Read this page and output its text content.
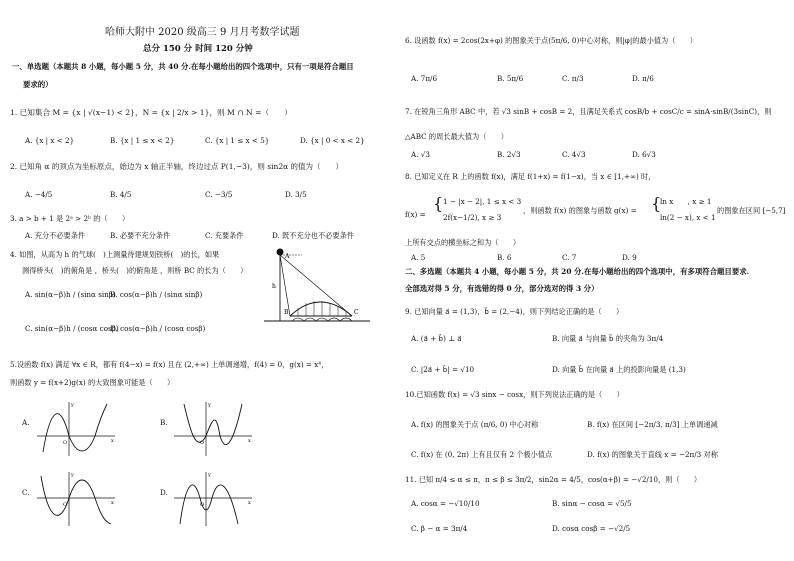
哈师大附中 2020 级高三 9 月月考数学试题
总分 150 分 时间 120 分钟
一、单选题（本题共 8 小题，每小题 5 分，共 40 分.在每小题给出的四个选项中，只有一项是符合题目
要求的）
1. 已知集合 M = {x | √(x−1) < 2}，N = {x | 2/x > 1}，则 M ∩ N =（　　）
A. {x | x < 2}	B. {x | 1 ≤ x < 2}	C. {x | 1 ≤ x < 5}	D. {x | 0 < x < 2}
2. 已知角 α 的顶点为坐标原点，始边为 x 轴正半轴，终边过点 P(1,−3)，则 sin2α 的值为（　　）
A. −4/5	B. 4/5	C. −3/5	D. 3/5
3. a > b + 1 是 2ᵃ > 2ᵇ 的（　　）
A. 充分不必要条件	B. 必要不充分条件	C. 充要条件	D. 既不充分也不必要条件
4. 如图，从高为 h 的气球(　)上测量待建规划铁桥(　)的长，如果
测得桥头(　)的俯角是 ，桥头(　)的俯角是 ，则桥 BC 的长为（　　）
A. sin(α−β)h / (sinα sinβ)
B. cos(α−β)h / (sinα sinβ)
C. sin(α−β)h / (cosα cosβ)
D. cos(α−β)h / (cosα cosβ)
A
h
C
B
5.设函数 f(x) 满足 ∀x ∈ R，都有 f(4−x) = f(x) 且在 (2,+∞) 上单调递增，f(4) = 0，g(x) = x⁴，
则函数 y = f(x+2)g(x) 的大致图象可能是（　　）
A.	B.
C.	D.
O
y
x	O
y
x
O
y
x	O
y
x
6. 设函数 f(x) = 2cos(2x+φ) 的图象关于点(5π/6, 0)中心对称，则|φ|的最小值为（　　）
A. 7π/6	B. 5π/6	C. π/3	D. π/6
7. 在锐角三角形 ABC 中，若 √3 sinB + cosB = 2，且满足关系式 cosB/b + cosC/c = sinA·sinB/(3sinC)，则
△ABC 的周长最大值为（　　）
A. √3	B. 2√3	C. 4√3	D. 6√3
8. 已知定义在 R 上的函数 f(x)，满足 f(1+x) = f(1−x)，当 x ∈ [1,+∞) 时，
f(x) =
{ 1 − |x − 2|, 1 ≤ x < 3
2f(x−1/2), x ≥ 3
，则函数 f(x) 的图象与函数 g(x) = {
ln x　　, x ≥ 1
ln(2 − x), x < 1
的图象在区间 [−5,7]
上所有交点的横坐标之和为（　　）
A. 5	B. 6	C. 7	D. 9
二、多选题（本题共 4 小题，每小题 5 分，共 20 分.在每小题给出的四个选项中，有多项符合题目要求.
全部选对得 5 分，有选错的得 0 分，部分选对的得 3 分）
9. 已知向量 a⃗ = (1,3)，b⃗ = (2,−4)，则下列结论正确的是（　　）
A. (a⃗ + b⃗) ⊥ a⃗	B. 向量 a⃗ 与向量 b⃗ 的夹角为 3π/4
C. |2a⃗ + b⃗| = √10	D. 向量 b⃗ 在向量 a⃗ 上的投影向量是 (1,3)
10.已知函数 f(x) = √3 sinx − cosx，则下列说法正确的是（　　）
A. f(x) 的图象关于点 (π/6, 0) 中心对称	B. f(x) 在区间 [−2π/3, π/3] 上单调递减
C. f(x) 在 (0, 2π) 上有且仅有 2 个极小值点	D. f(x) 的图象关于直线 x = −2π/3 对称
11. 已知 π/4 ≤ α ≤ π，π ≤ β ≤ 3π/2，sin2α = 4/5，cos(α+β) = −√2/10，则（　　）
A. cosα = −√10/10	B. sinα − cosα = √5/5
C. β − α = 3π/4	D. cosα cosβ = −√2/5
